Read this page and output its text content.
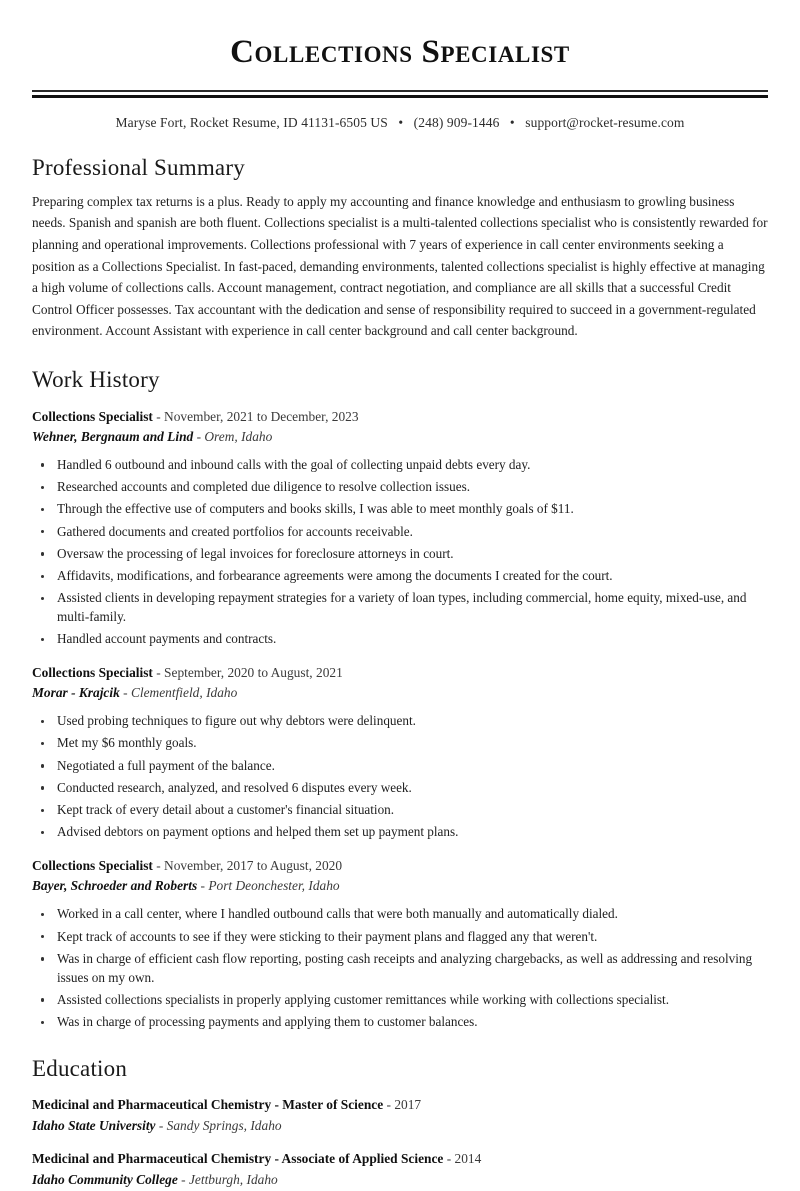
Collections Specialist
Maryse Fort, Rocket Resume, ID 41131-6505 US • (248) 909-1446 • support@rocket-resume.com
Professional Summary

Preparing complex tax returns is a plus. Ready to apply my accounting and finance knowledge and enthusiasm to growling business needs. Spanish and spanish are both fluent. Collections specialist is a multi-talented collections specialist who is consistently rewarded for planning and operational improvements. Collections professional with 7 years of experience in call center environments seeking a position as a Collections Specialist. In fast-paced, demanding environments, talented collections specialist is highly effective at managing a high volume of collections calls. Account management, contract negotiation, and compliance are all skills that a successful Credit Control Officer possesses. Tax accountant with the dedication and sense of responsibility required to succeed in a government-regulated environment. Account Assistant with experience in call center background and call center background.

Work History
Collections Specialist - November, 2021 to December, 2023
Wehner, Bergnaum and Lind - Orem, Idaho
Handled 6 outbound and inbound calls with the goal of collecting unpaid debts every day.
Researched accounts and completed due diligence to resolve collection issues.
Through the effective use of computers and books skills, I was able to meet monthly goals of $11.
Gathered documents and created portfolios for accounts receivable.
Oversaw the processing of legal invoices for foreclosure attorneys in court.
Affidavits, modifications, and forbearance agreements were among the documents I created for the court.
Assisted clients in developing repayment strategies for a variety of loan types, including commercial, home equity, mixed-use, and multi-family.
Handled account payments and contracts.
Collections Specialist - September, 2020 to August, 2021
Morar - Krajcik - Clementfield, Idaho
Used probing techniques to figure out why debtors were delinquent.
Met my $6 monthly goals.
Negotiated a full payment of the balance.
Conducted research, analyzed, and resolved 6 disputes every week.
Kept track of every detail about a customer's financial situation.
Advised debtors on payment options and helped them set up payment plans.
Collections Specialist - November, 2017 to August, 2020
Bayer, Schroeder and Roberts - Port Deonchester, Idaho
Worked in a call center, where I handled outbound calls that were both manually and automatically dialed.
Kept track of accounts to see if they were sticking to their payment plans and flagged any that weren't.
Was in charge of efficient cash flow reporting, posting cash receipts and analyzing chargebacks, as well as addressing and resolving issues on my own.
Assisted collections specialists in properly applying customer remittances while working with collections specialist.
Was in charge of processing payments and applying them to customer balances.
Education
Medicinal and Pharmaceutical Chemistry - Master of Science - 2017
Idaho State University - Sandy Springs, Idaho
Medicinal and Pharmaceutical Chemistry - Associate of Applied Science - 2014
Idaho Community College - Jettburgh, Idaho
